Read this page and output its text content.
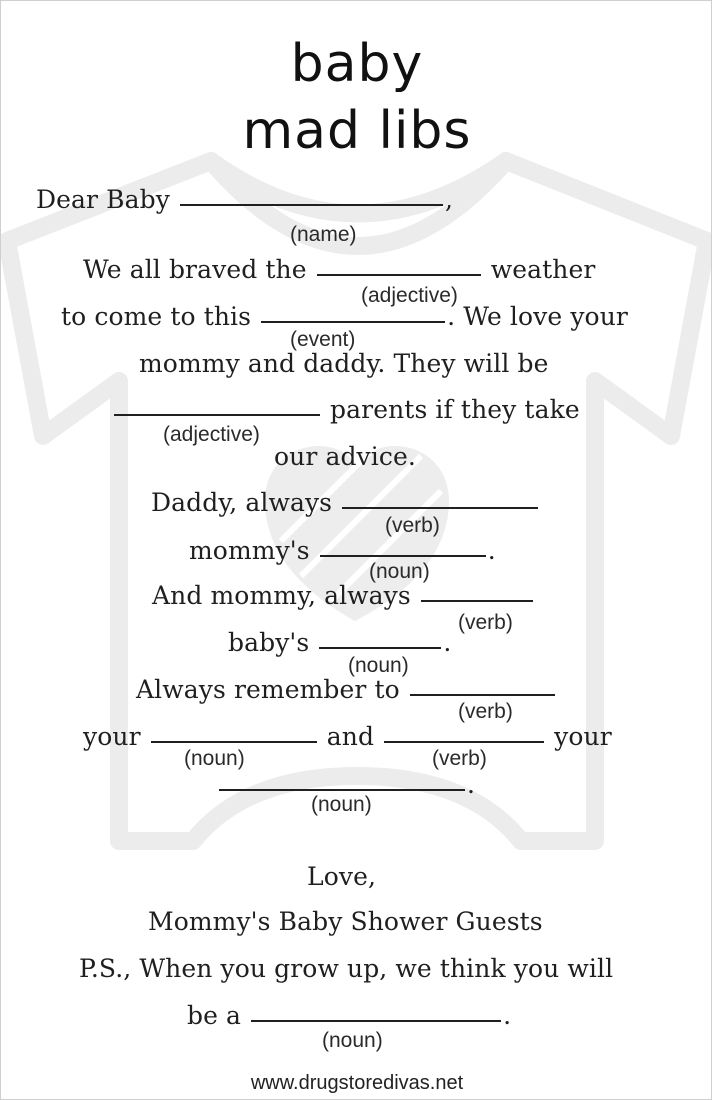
baby
mad libs
Dear Baby	,
(name)
We all braved the	weather
(adjective)
to come to this	. We love your
(event)
mommy and daddy. They will be
parents if they take
(adjective)
our advice.
Daddy, always
(verb)
mommy's	.
(noun)
And mommy, always
(verb)
baby's	.
(noun)
Always remember to
(verb)
your	and	your
(noun)	(verb)
.
(noun)
Love,
Mommy's Baby Shower Guests
P.S., When you grow up, we think you will
be a	.
(noun)
www.drugstoredivas.net
